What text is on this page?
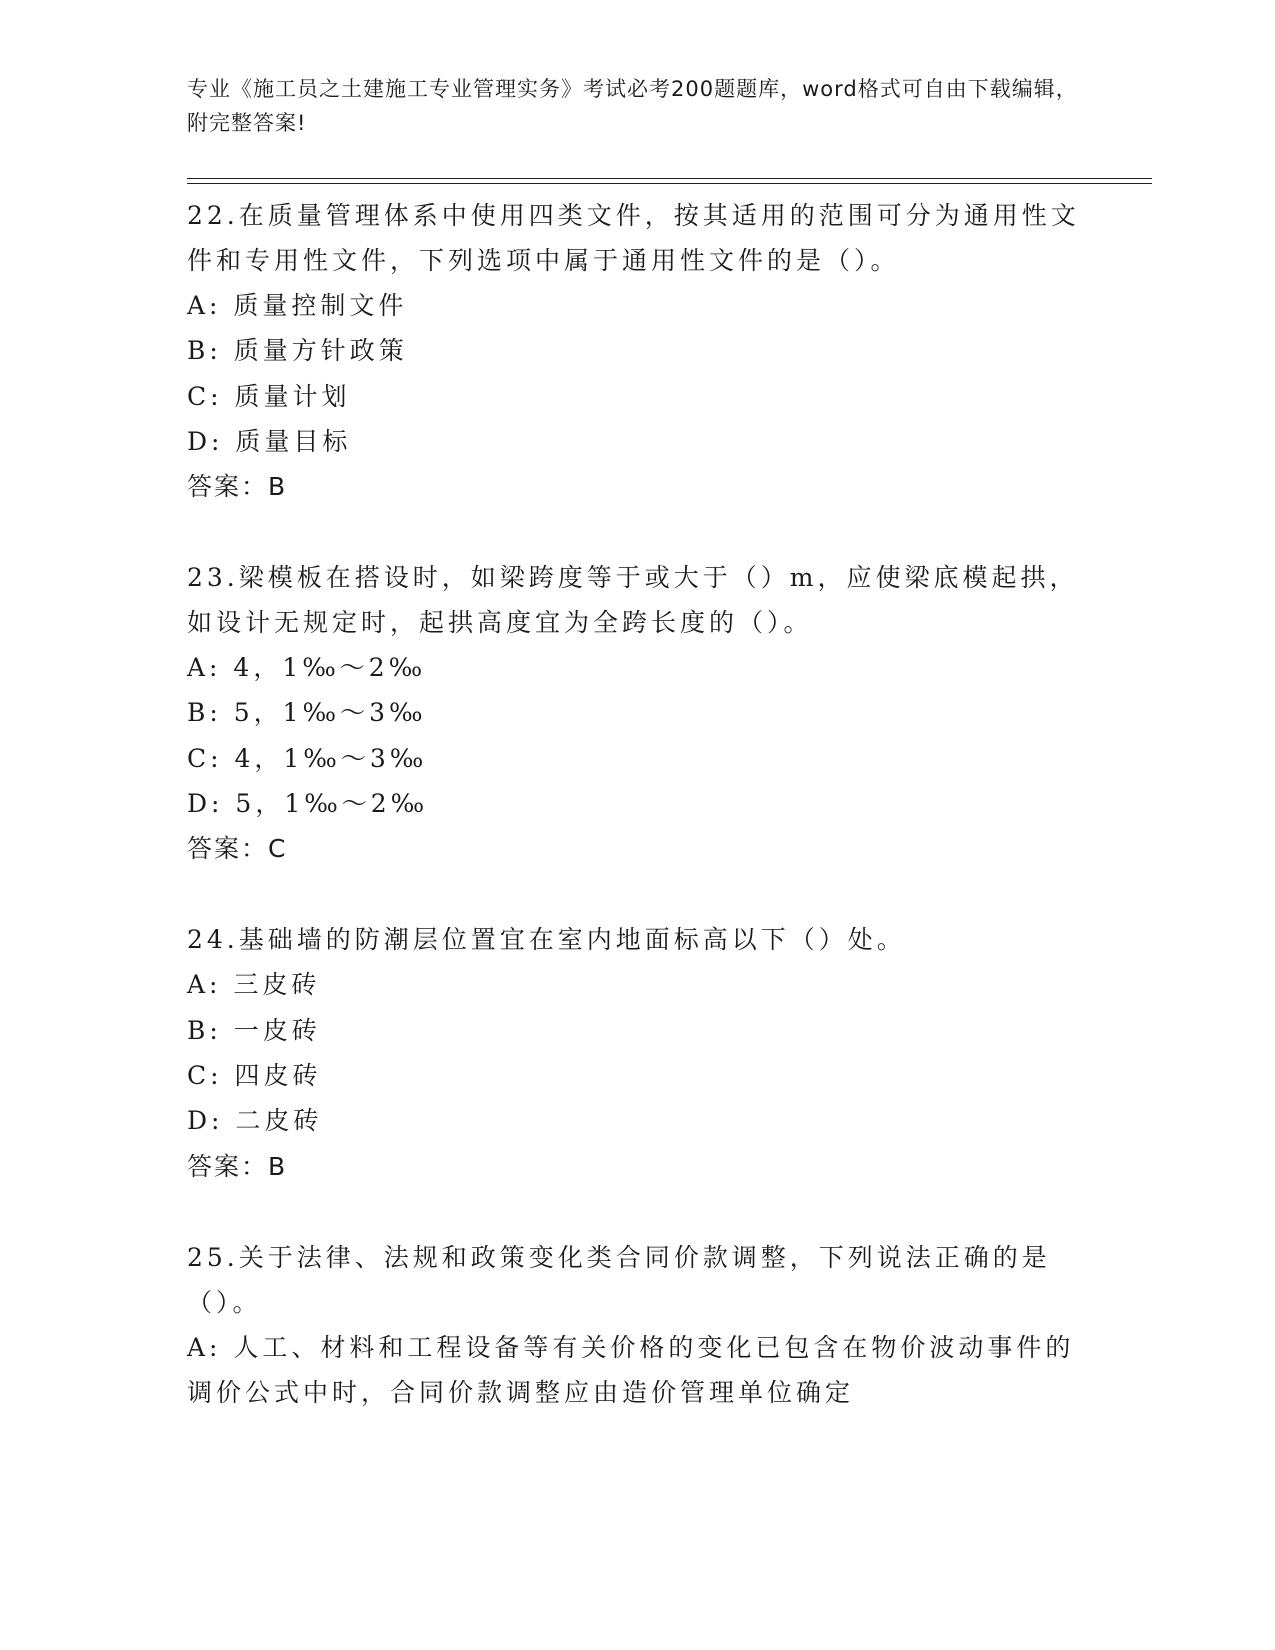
专业《施工员之土建施工专业管理实务》考试必考200题题库，word格式可自由下载编辑，附完整答案!

22.在质量管理体系中使用四类文件，按其适用的范围可分为通用性文件和专用性文件，下列选项中属于通用性文件的是（）。

A: 质量控制文件

B: 质量方针政策

C: 质量计划

D: 质量目标

答案：B

23.梁模板在搭设时，如梁跨度等于或大于（）m，应使梁底模起拱，如设计无规定时，起拱高度宜为全跨长度的（）。

A: 4，1‰～2‰

B: 5，1‰～3‰

C: 4，1‰～3‰

D: 5，1‰～2‰

答案：C

24.基础墙的防潮层位置宜在室内地面标高以下（）处。

A: 三皮砖

B: 一皮砖

C: 四皮砖

D: 二皮砖

答案：B

25.关于法律、法规和政策变化类合同价款调整，下列说法正确的是（）。

A: 人工、材料和工程设备等有关价格的变化已包含在物价波动事件的调价公式中时，合同价款调整应由造价管理单位确定
